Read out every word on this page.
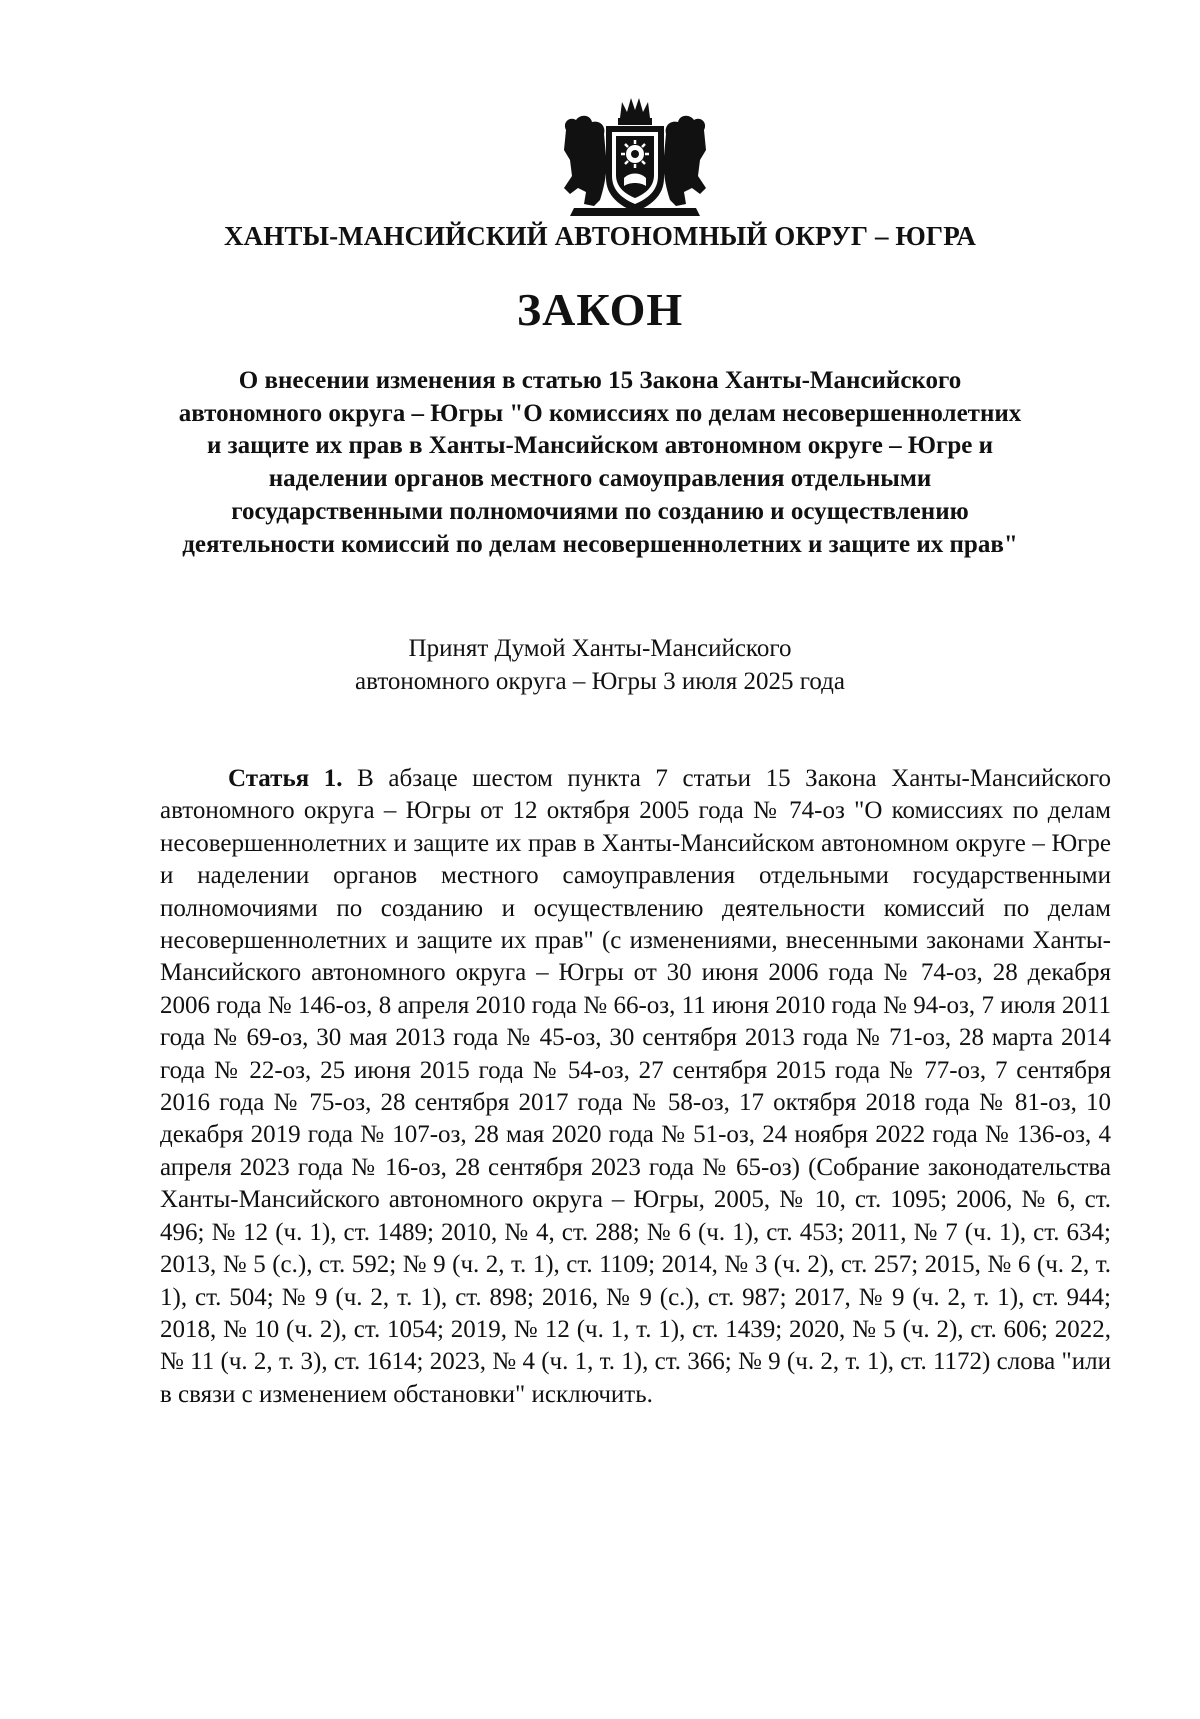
ХАНТЫ-МАНСИЙСКИЙ АВТОНОМНЫЙ ОКРУГ – ЮГРА
ЗАКОН

О внесении изменения в статью 15 Закона Ханты-Мансийского автономного округа – Югры "О комиссиях по делам несовершеннолетних и защите их прав в Ханты-Мансийском автономном округе – Югре и наделении органов местного самоуправления отдельными государственными полномочиями по созданию и осуществлению деятельности комиссий по делам несовершеннолетних и защите их прав"

Принят Думой Ханты-Мансийского
автономного округа – Югры 3 июля 2025 года

Статья 1. В абзаце шестом пункта 7 статьи 15 Закона Ханты-Мансийского автономного округа – Югры от 12 октября 2005 года № 74-оз "О комиссиях по делам несовершеннолетних и защите их прав в Ханты-Мансийском автономном округе – Югре и наделении органов местного самоуправления отдельными государственными полномочиями по созданию и осуществлению деятельности комиссий по делам несовершеннолетних и защите их прав" (с изменениями, внесенными законами Ханты-Мансийского автономного округа – Югры от 30 июня 2006 года № 74-оз, 28 декабря 2006 года № 146-оз, 8 апреля 2010 года № 66-оз, 11 июня 2010 года № 94-оз, 7 июля 2011 года № 69-оз, 30 мая 2013 года № 45-оз, 30 сентября 2013 года № 71-оз, 28 марта 2014 года № 22-оз, 25 июня 2015 года № 54-оз, 27 сентября 2015 года № 77-оз, 7 сентября 2016 года № 75-оз, 28 сентября 2017 года № 58-оз, 17 октября 2018 года № 81-оз, 10 декабря 2019 года № 107-оз, 28 мая 2020 года № 51-оз, 24 ноября 2022 года № 136-оз, 4 апреля 2023 года № 16-оз, 28 сентября 2023 года № 65-оз) (Собрание законодательства Ханты-Мансийского автономного округа – Югры, 2005, № 10, ст. 1095; 2006, № 6, ст. 496; № 12 (ч. 1), ст. 1489; 2010, № 4, ст. 288; № 6 (ч. 1), ст. 453; 2011, № 7 (ч. 1), ст. 634; 2013, № 5 (с.), ст. 592; № 9 (ч. 2, т. 1), ст. 1109; 2014, № 3 (ч. 2), ст. 257; 2015, № 6 (ч. 2, т. 1), ст. 504; № 9 (ч. 2, т. 1), ст. 898; 2016, № 9 (с.), ст. 987; 2017, № 9 (ч. 2, т. 1), ст. 944; 2018, № 10 (ч. 2), ст. 1054; 2019, № 12 (ч. 1, т. 1), ст. 1439; 2020, № 5 (ч. 2), ст. 606; 2022, № 11 (ч. 2, т. 3), ст. 1614; 2023, № 4 (ч. 1, т. 1), ст. 366; № 9 (ч. 2, т. 1), ст. 1172) слова "или в связи с изменением обстановки" исключить.
